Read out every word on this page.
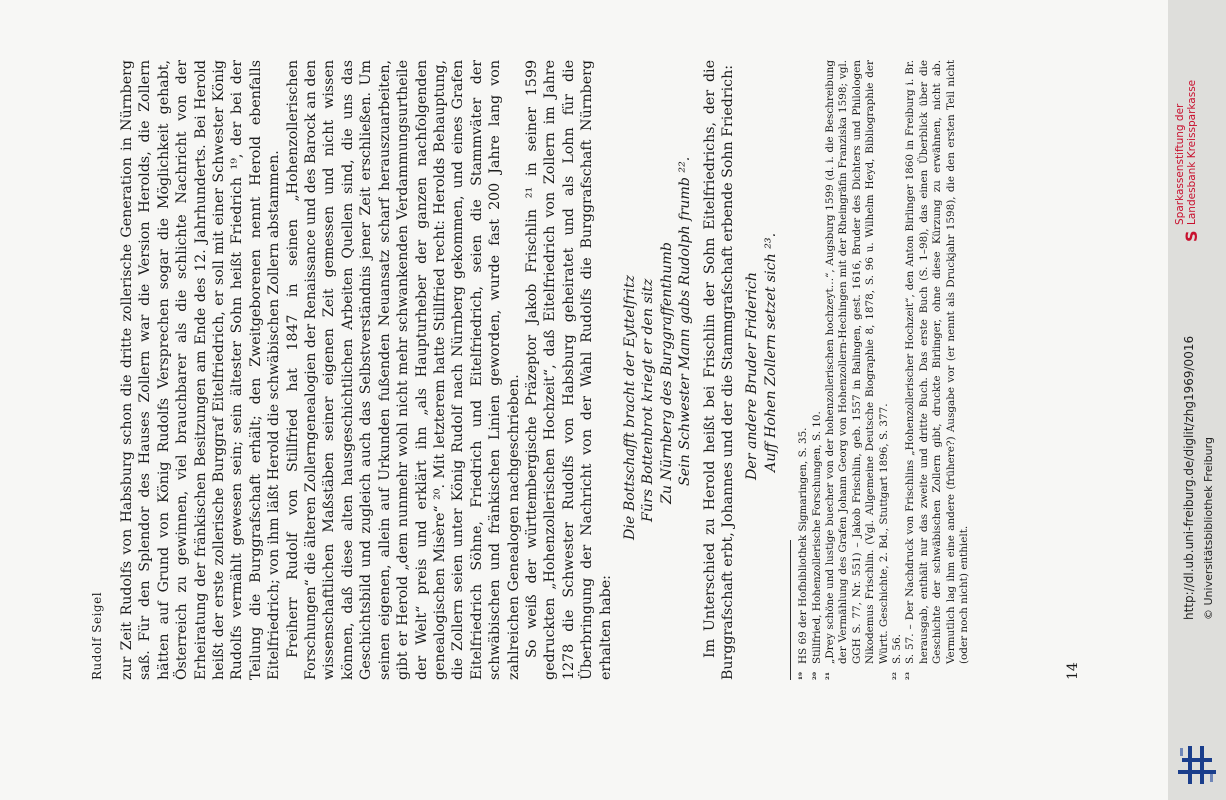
Rudolf Seigel zur Zeit Rudolfs von Habsburg schon die dritte zollerische Generation in Nürnberg saß. Für den Splendor des Hauses Zollern war die Version Herolds, die Zollern hätten auf Grund von König Rudolfs Versprechen sogar die Möglichkeit gehabt, Österreich zu gewinnen, viel brauchbarer als die schlichte Nachricht von der Erheiratung der fränkischen Besitzungen am Ende des 12. Jahrhunderts. Bei Herold heißt der erste zollerische Burggraf Eitelfriedrich, er soll mit einer Schwester König Rudolfs vermählt gewesen sein; sein ältester Sohn heißt Friedrich ¹⁹, der bei der Teilung die Burggrafschaft erhält; den Zweitgeborenen nennt Herold ebenfalls Eitelfriedrich; von ihm läßt Herold die schwäbischen Zollern abstammen. Freiherr Rudolf von Stillfried hat 1847 in seinen „Hohenzollerischen Forschungen“ die älteren Zollerngenealogien der Renaissance und des Barock an den wissenschaftlichen Maßstäben seiner eigenen Zeit gemessen und nicht wissen können, daß diese alten hausgeschichtlichen Arbeiten Quellen sind, die uns das Geschichtsbild und zugleich auch das Selbstverständnis jener Zeit erschließen. Um seinen eigenen, allein auf Urkunden fußenden Neuansatz scharf herauszuarbeiten, gibt er Herold „dem nunmehr wohl nicht mehr schwankenden Verdammungsurtheile der Welt“ preis und erklärt ihn „als Haupturheber der ganzen nachfolgenden genealogischen Misère“ ²⁰. Mit letzterem hatte Stillfried recht: Herolds Behauptung, die Zollern seien unter König Rudolf nach Nürnberg gekommen, und eines Grafen Eitelfriedrich Söhne, Friedrich und Eitelfriedrich, seien die Stammväter der schwäbischen und fränkischen Linien geworden, wurde fast 200 Jahre lang von zahlreichen Genealogen nachgeschrieben. So weiß der württembergische Präzeptor Jakob Frischlin ²¹ in seiner 1599 gedruckten „Hohenzollerischen Hochzeit“, daß Eitelfriedrich von Zollern im Jahre 1278 die Schwester Rudolfs von Habsburg geheiratet und als Lohn für die Überbringung der Nachricht von der Wahl Rudolfs die Burggrafschaft Nürnberg erhalten habe:

Die Bottschafft bracht der Eyttelfritz Fürs Bottenbrot kriegt er den sitz Zu Nürnberg des Burggraffenthumb Sein Schwester Mann gabs Rudolph frumb ²². Im Unterschied zu Herold heißt bei Frischlin der Sohn Eitelfriedrichs, der die Burggrafschaft erbt, Johannes und der die Stammgrafschaft erbende Sohn Friedrich: Der andere Bruder Friderich Auff Hohen Zollern setzet sich ²³.
¹⁹
HS 69 der Hofbibliothek Sigmaringen, S. 35.
²⁰
Stillfried, Hohenzollerische Forschungen, S. 10.
²¹
„Drey schöne und lustige buecher von der hohenzollerischen hochzeyt…“, Augsburg 1599 (d. i. die Beschreibung der Vermählung des Grafen Johann Georg von Hohenzollern-Hechingen mit der Rheingräfin Franziska 1598; vgl. GGH S. 77, Nr. 551) – Jakob Frischlin, geb. 1557 in Balingen, gest. 1616, Bruder des Dichters und Philologen Nikodemus Frischlin. (Vgl. Allgemeine Deutsche Biographie 8, 1878, S. 96 u. Wilhelm Heyd, Bibliographie der Württ. Geschichte, 2. Bd., Stuttgart 1896, S. 377.
²²
S. 56.
²³
S. 57. – Der Nachdruck von Frischlins „Hohenzollerischer Hochzeit“, den Anton Birlinger 1860 in Freiburg i. Br. herausgab, enthält nur das zweite und dritte Buch. Das erste Buch (S. 1–98), das einen Überblick über die Geschichte der schwäbischen Zollern gibt, druckte Birlinger, ohne diese Kürzung zu erwähnen, nicht ab. Vermutlich lag ihm eine andere (frühere?) Ausgabe vor (er nennt als Druckjahr 1598), die den ersten Teil nicht (oder noch nicht) enthielt.
14
http://dl.ub.uni-freiburg.de/diglit/zhg1969/0016 © Universitätsbibliothek Freiburg
S
Sparkassenstiftung der Landesbank Kreissparkasse
